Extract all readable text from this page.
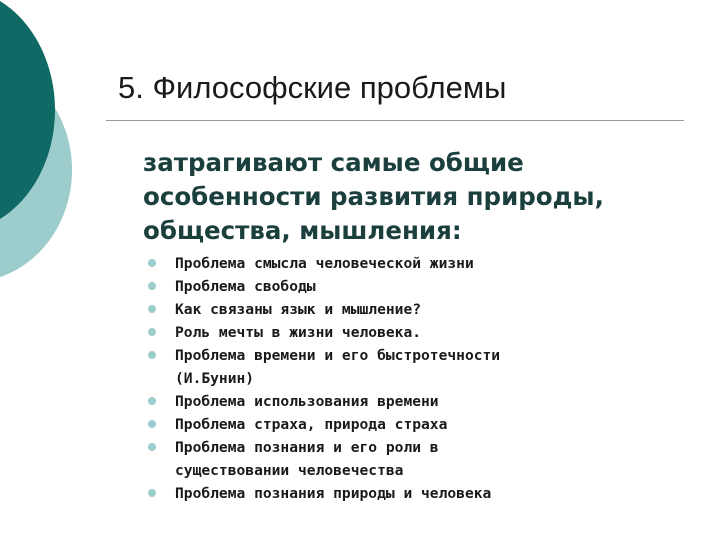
5. Философские проблемы
затрагивают самые общие
особенности развития природы,
общества, мышления:
Проблема смысла человеческой жизни
Проблема свободы
Как связаны язык и мышление?
Роль мечты в жизни человека.
Проблема времени и его быстротечности
(И.Бунин)
Проблема использования времени
Проблема страха, природа страха
Проблема познания и его роли в
существовании человечества
Проблема познания природы и человека
